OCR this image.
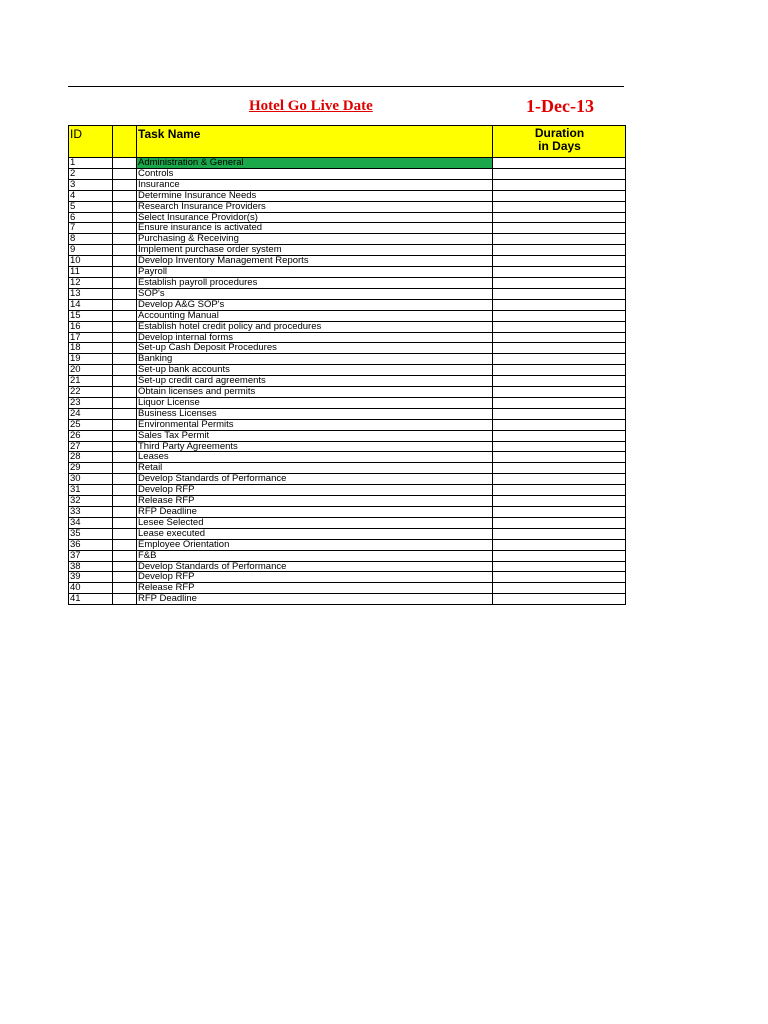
Hotel Go Live Date	1-Dec-13
ID		Task Name	Duration
in Days

1		Administration & General	
2		Controls	
3		Insurance	
4		Determine Insurance Needs	
5		Research Insurance Providers	
6		Select Insurance Providor(s)	
7		Ensure insurance is activated	
8		Purchasing & Receiving	
9		Implement purchase order system	
10		Develop Inventory Management Reports	
11		Payroll	
12		Establish payroll procedures	
13		SOP's	
14		Develop A&G SOP's	
15		Accounting Manual	
16		Establish hotel credit policy and procedures	
17		Develop internal forms	
18		Set-up Cash Deposit Procedures	
19		Banking	
20		Set-up bank accounts	
21		Set-up credit card agreements	
22		Obtain licenses and permits	
23		Liquor License	
24		Business Licenses	
25		Environmental Permits	
26		Sales Tax Permit	
27		Third Party Agreements	
28		Leases	
29		Retail	
30		Develop Standards of Performance	
31		Develop RFP	
32		Release RFP	
33		RFP Deadline	
34		Lesee Selected	
35		Lease executed	
36		Employee Orientation	
37		F&B	
38		Develop Standards of Performance	
39		Develop RFP	
40		Release RFP	
41		RFP Deadline	
